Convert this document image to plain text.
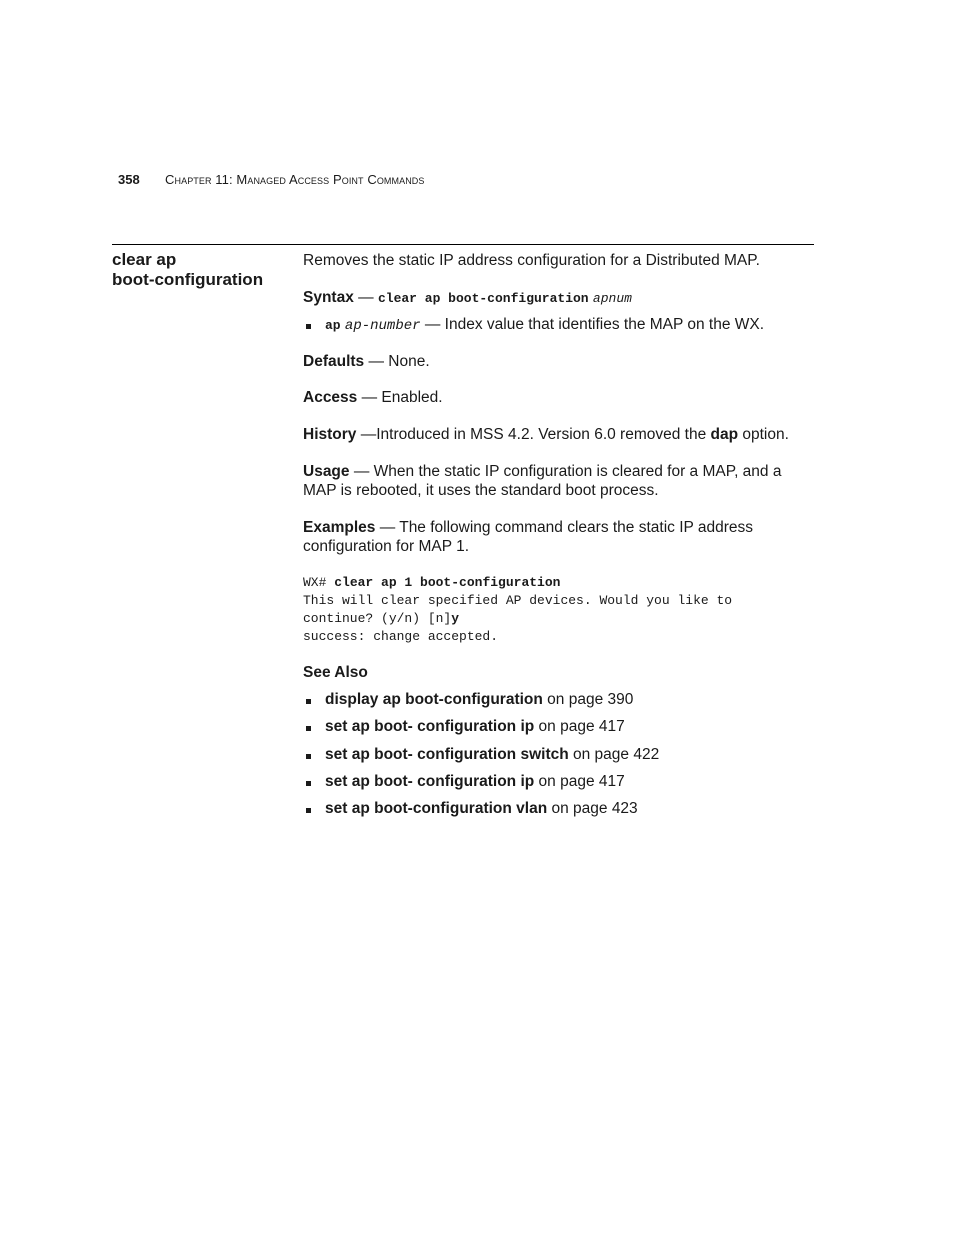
358 Chapter 11: Managed Access Point Commands
clear ap
boot-configuration
Removes the static IP address configuration for a Distributed MAP.
Syntax — clear ap boot-configuration apnum
ap ap-number — Index value that identifies the MAP on the WX.
Defaults — None.
Access — Enabled.
History —Introduced in MSS 4.2. Version 6.0 removed the dap option.
Usage — When the static IP configuration is cleared for a MAP, and a
MAP is rebooted, it uses the standard boot process.
Examples — The following command clears the static IP address
configuration for MAP 1.
WX# clear ap 1 boot-configuration
This will clear specified AP devices. Would you like to
continue? (y/n) [n]y
success: change accepted.
See Also
display ap boot-configuration on page 390
set ap boot- configuration ip on page 417
set ap boot- configuration switch on page 422
set ap boot- configuration ip on page 417
set ap boot-configuration vlan on page 423
